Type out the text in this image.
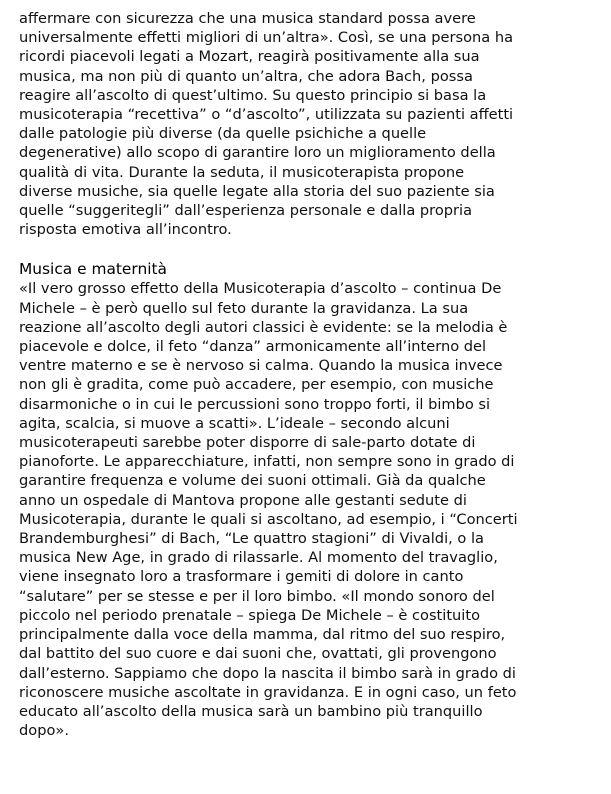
affermare con sicurezza che una musica standard possa avere
universalmente effetti migliori di un’altra». Così, se una persona ha
ricordi piacevoli legati a Mozart, reagirà positivamente alla sua
musica, ma non più di quanto un’altra, che adora Bach, possa
reagire all’ascolto di quest’ultimo. Su questo principio si basa la
musicoterapia “recettiva” o “d’ascolto”, utilizzata su pazienti affetti
dalle patologie più diverse (da quelle psichiche a quelle
degenerative) allo scopo di garantire loro un miglioramento della
qualità di vita. Durante la seduta, il musicoterapista propone
diverse musiche, sia quelle legate alla storia del suo paziente sia
quelle “suggeritegli” dall’esperienza personale e dalla propria
risposta emotiva all’incontro.

Musica e maternità

«Il vero grosso effetto della Musicoterapia d’ascolto – continua De
Michele – è però quello sul feto durante la gravidanza. La sua
reazione all’ascolto degli autori classici è evidente: se la melodia è
piacevole e dolce, il feto “danza” armonicamente all’interno del
ventre materno e se è nervoso si calma. Quando la musica invece
non gli è gradita, come può accadere, per esempio, con musiche
disarmoniche o in cui le percussioni sono troppo forti, il bimbo si
agita, scalcia, si muove a scatti». L’ideale – secondo alcuni
musicoterapeuti sarebbe poter disporre di sale-parto dotate di
pianoforte. Le apparecchiature, infatti, non sempre sono in grado di
garantire frequenza e volume dei suoni ottimali. Già da qualche
anno un ospedale di Mantova propone alle gestanti sedute di
Musicoterapia, durante le quali si ascoltano, ad esempio, i “Concerti
Brandemburghesi” di Bach, “Le quattro stagioni” di Vivaldi, o la
musica New Age, in grado di rilassarle. Al momento del travaglio,
viene insegnato loro a trasformare i gemiti di dolore in canto
“salutare” per se stesse e per il loro bimbo. «Il mondo sonoro del
piccolo nel periodo prenatale – spiega De Michele – è costituito
principalmente dalla voce della mamma, dal ritmo del suo respiro,
dal battito del suo cuore e dai suoni che, ovattati, gli provengono
dall’esterno. Sappiamo che dopo la nascita il bimbo sarà in grado di
riconoscere musiche ascoltate in gravidanza. E in ogni caso, un feto
educato all’ascolto della musica sarà un bambino più tranquillo
dopo».
